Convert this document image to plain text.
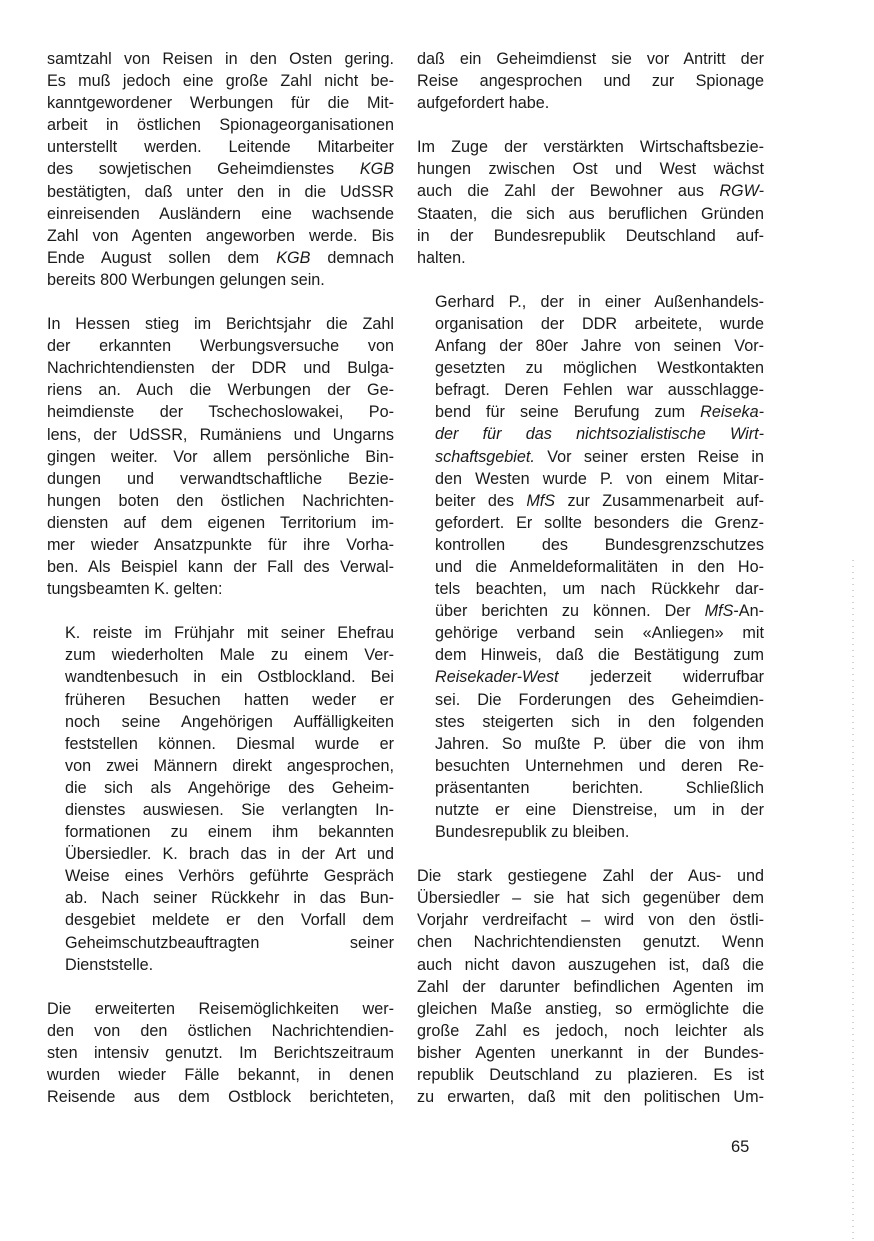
samtzahl von Reisen in den Osten gering.
Es muß jedoch eine große Zahl nicht be-
kanntgewordener Werbungen für die Mit-
arbeit in östlichen Spionageorganisationen
unterstellt werden. Leitende Mitarbeiter
des sowjetischen Geheimdienstes KGB
bestätigten, daß unter den in die UdSSR
einreisenden Ausländern eine wachsende
Zahl von Agenten angeworben werde. Bis
Ende August sollen dem KGB demnach
bereits 800 Werbungen gelungen sein.
In Hessen stieg im Berichtsjahr die Zahl
der erkannten Werbungsversuche von
Nachrichtendiensten der DDR und Bulga-
riens an. Auch die Werbungen der Ge-
heimdienste der Tschechoslowakei, Po-
lens, der UdSSR, Rumäniens und Ungarns
gingen weiter. Vor allem persönliche Bin-
dungen und verwandtschaftliche Bezie-
hungen boten den östlichen Nachrichten-
diensten auf dem eigenen Territorium im-
mer wieder Ansatzpunkte für ihre Vorha-
ben. Als Beispiel kann der Fall des Verwal-
tungsbeamten K. gelten:
K. reiste im Frühjahr mit seiner Ehefrau
zum wiederholten Male zu einem Ver-
wandtenbesuch in ein Ostblockland. Bei
früheren Besuchen hatten weder er
noch seine Angehörigen Auffälligkeiten
feststellen können. Diesmal wurde er
von zwei Männern direkt angesprochen,
die sich als Angehörige des Geheim-
dienstes auswiesen. Sie verlangten In-
formationen zu einem ihm bekannten
Übersiedler. K. brach das in der Art und
Weise eines Verhörs geführte Gespräch
ab. Nach seiner Rückkehr in das Bun-
desgebiet meldete er den Vorfall dem
Geheimschutzbeauftragten seiner
Dienststelle.
Die erweiterten Reisemöglichkeiten wer-
den von den östlichen Nachrichtendien-
sten intensiv genutzt. Im Berichtszeitraum
wurden wieder Fälle bekannt, in denen
Reisende aus dem Ostblock berichteten,
daß ein Geheimdienst sie vor Antritt der
Reise angesprochen und zur Spionage
aufgefordert habe.
Im Zuge der verstärkten Wirtschaftsbezie-
hungen zwischen Ost und West wächst
auch die Zahl der Bewohner aus RGW-
Staaten, die sich aus beruflichen Gründen
in der Bundesrepublik Deutschland auf-
halten.
Gerhard P., der in einer Außenhandels-
organisation der DDR arbeitete, wurde
Anfang der 80er Jahre von seinen Vor-
gesetzten zu möglichen Westkontakten
befragt. Deren Fehlen war ausschlagge-
bend für seine Berufung zum Reiseka-
der für das nichtsozialistische Wirt-
schaftsgebiet. Vor seiner ersten Reise in
den Westen wurde P. von einem Mitar-
beiter des MfS zur Zusammenarbeit auf-
gefordert. Er sollte besonders die Grenz-
kontrollen des Bundesgrenzschutzes
und die Anmeldeformalitäten in den Ho-
tels beachten, um nach Rückkehr dar-
über berichten zu können. Der MfS-An-
gehörige verband sein «Anliegen» mit
dem Hinweis, daß die Bestätigung zum
Reisekader-West jederzeit widerrufbar
sei. Die Forderungen des Geheimdien-
stes steigerten sich in den folgenden
Jahren. So mußte P. über die von ihm
besuchten Unternehmen und deren Re-
präsentanten berichten. Schließlich
nutzte er eine Dienstreise, um in der
Bundesrepublik zu bleiben.
Die stark gestiegene Zahl der Aus- und
Übersiedler – sie hat sich gegenüber dem
Vorjahr verdreifacht – wird von den östli-
chen Nachrichtendiensten genutzt. Wenn
auch nicht davon auszugehen ist, daß die
Zahl der darunter befindlichen Agenten im
gleichen Maße anstieg, so ermöglichte die
große Zahl es jedoch, noch leichter als
bisher Agenten unerkannt in der Bundes-
republik Deutschland zu plazieren. Es ist
zu erwarten, daß mit den politischen Um-
65
